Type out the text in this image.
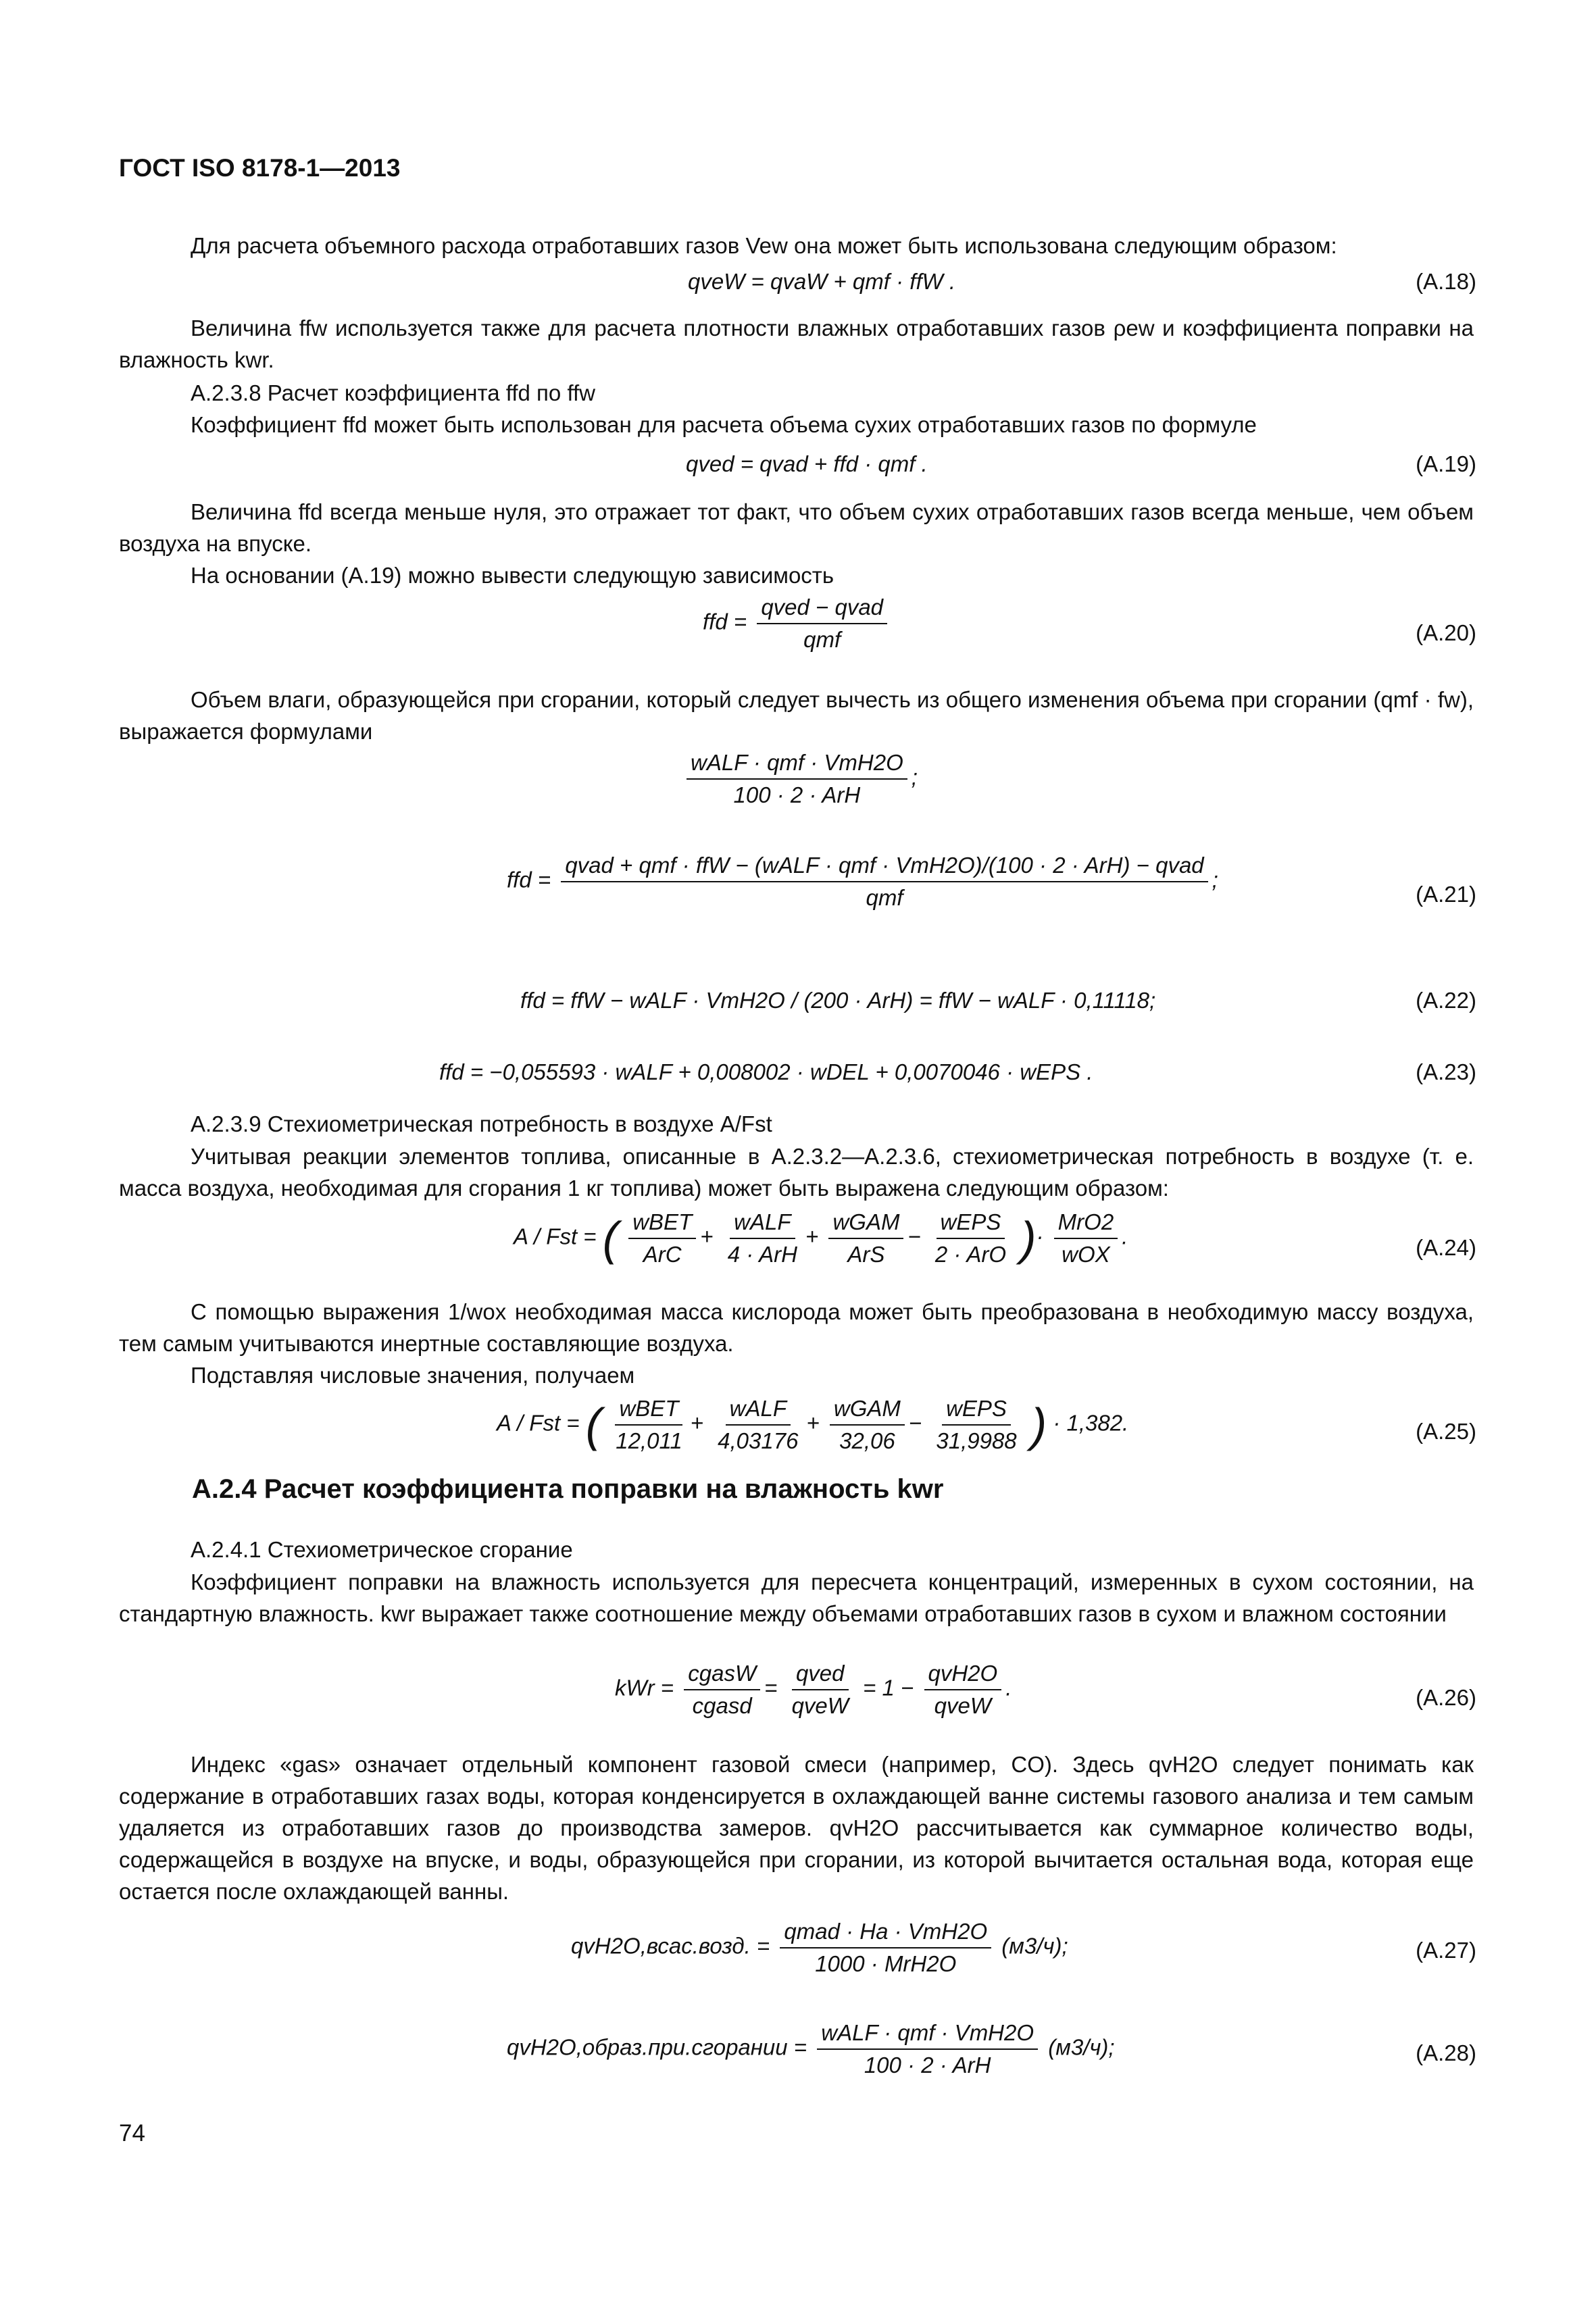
ГОСТ ISO 8178-1—2013
Для расчета объемного расхода отработавших газов Vew она может быть использована следующим образом:
qveW = qvaW + qmf · ffW .	(A.18)
Величина ffw используется также для расчета плотности влажных отработавших газов ρew и коэффициента поправки на влажность kwr.
А.2.3.8 Расчет коэффициента ffd по ffw
Коэффициент ffd может быть использован для расчета объема сухих отработавших газов по формуле
qved = qvad + ffd · qmf .	(A.19)
Величина ffd всегда меньше нуля, это отражает тот факт, что объем сухих отработавших газов всегда меньше, чем объем воздуха на впуске.
На основании (А.19) можно вывести следующую зависимость
ffd = $\frac{\text{qved − qvad}}{\text{qmf}}$	(A.20)
Объем влаги, образующейся при сгорании, который следует вычесть из общего изменения объема при сгорании (qmf · fw), выражается формулами
$\frac{\text{wALF · qmf · VmH2O}}{\text{100 · 2 · ArH}}$ ;
ffd =
qvad + qmf · ffW − (wALF · qmf · VmH2O)/(100 · 2 · ArH) − qvad
qmf
;
(A.21)
ffd = ffW − wALF · VmH2O / (200 · ArH) = ffW − wALF · 0,11118;	(A.22)
ffd = −0,055593 · wALF + 0,008002 · wDEL + 0,0070046 · wEPS .	(A.23)
А.2.3.9 Стехиометрическая потребность в воздухе A/Fst
Учитывая реакции элементов топлива, описанные в А.2.3.2—А.2.3.6, стехиометрическая потребность в воздухе (т. е. масса воздуха, необходимая для сгорания 1 кг топлива) может быть выражена следующим образом:
A / Fst = ( $\frac{\text{wBET}}{\text{ArC}} + \frac{\text{wALF}}{\text{4 · ArH}} + \frac{\text{wGAM}}{\text{ArS}} - \frac{\text{wEPS}}{\text{2 · ArO}}$ )· $\frac{\text{MrO2}}{\text{wOX}}$ .	(A.24)
С помощью выражения 1/wox необходимая масса кислорода может быть преобразована в необходимую массу воздуха, тем самым учитываются инертные составляющие воздуха.
Подставляя числовые значения, получаем
A / Fst = ( $\frac{\text{wBET}}{12,011} + \frac{\text{wALF}}{4,03176} + \frac{\text{wGAM}}{32,06} - \frac{\text{wEPS}}{31,9988}$ ) · 1,382.	(A.25)
А.2.4 Расчет коэффициента поправки на влажность kwr
А.2.4.1 Стехиометрическое сгорание
Коэффициент поправки на влажность используется для пересчета концентраций, измеренных в сухом состоянии, на стандартную влажность. kwr выражает также соотношение между объемами отработавших газов в сухом и влажном состоянии
kWr = $\frac{\text{cgasW}}{\text{cgasd}} = \frac{\text{qved}}{\text{qveW}} = 1 - \frac{\text{qvH2O}}{\text{qveW}}$ .	(A.26)
Индекс «gas» означает отдельный компонент газовой смеси (например, CO). Здесь qvH2O следует понимать как содержание в отработавших газах воды, которая конденсируется в охлаждающей ванне системы газового анализа и тем самым удаляется из отработавших газов до производства замеров. qvH2O рассчитывается как суммарное количество воды, содержащейся в воздухе на впуске, и воды, образующейся при сгорании, из которой вычитается остальная вода, которая еще остается после охлаждающей ванны.
qvH2O,всас.возд. = $\frac{\text{qmad · Ha · VmH2O}}{\text{1000 · MrH2O}} (м3/ч)$;	(A.27)
qvH2O,образ.при.сгорании = $\frac{\text{wALF · qmf · VmH2O}}{\text{100 · 2 · ArH}} (м3/ч)$;	(A.28)
74
